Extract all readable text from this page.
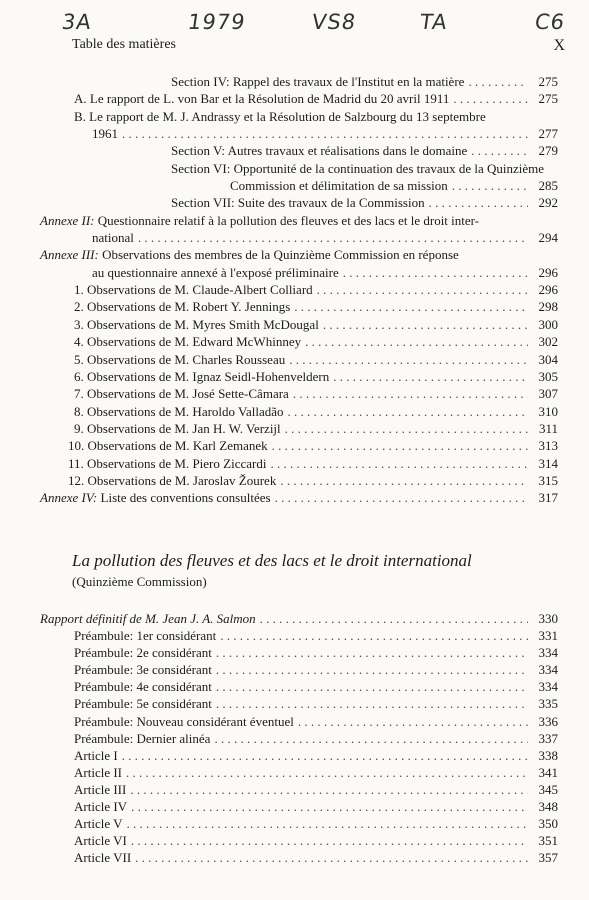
3A	1979	VS8	TA	C6
Table des matières	X
Section IV: Rappel des travaux de l'Institut en la matière . . .	275
A. Le rapport de L. von Bar et la Résolution de Madrid du 20 avril 1911 . . .	275
B. Le rapport de M. J. Andrassy et la Résolution de Salzbourg du 13 septembre
1961 . . .	277
Section V: Autres travaux et réalisations dans le domaine . . .	279
Section VI: Opportunité de la continuation des travaux de la Quinzième
Commission et délimitation de sa mission . . .	285
Section VII: Suite des travaux de la Commission . . .	292
Annexe II: Questionnaire relatif à la pollution des fleuves et des lacs et le droit inter-
national . . .	294
Annexe III: Observations des membres de la Quinzième Commission en réponse
au questionnaire annexé à l'exposé préliminaire . . .	296
1. Observations de M. Claude-Albert Colliard . . .	296
2. Observations de M. Robert Y. Jennings . . .	298
3. Observations de M. Myres Smith McDougal . . .	300
4. Observations de M. Edward McWhinney . . .	302
5. Observations de M. Charles Rousseau . . .	304
6. Observations de M. Ignaz Seidl-Hohenveldern . . .	305
7. Observations de M. José Sette-Câmara . . .	307
8. Observations de M. Haroldo Valladão . . .	310
9. Observations de M. Jan H. W. Verzijl . . .	311
10. Observations de M. Karl Zemanek . . .	313
11. Observations de M. Piero Ziccardi . . .	314
12. Observations de M. Jaroslav Žourek . . .	315
Annexe IV: Liste des conventions consultées . . .	317
La pollution des fleuves et des lacs et le droit international
(Quinzième Commission)
Rapport définitif de M. Jean J. A. Salmon . . .	330
Préambule: 1er considérant . . .	331
Préambule: 2e considérant . . .	334
Préambule: 3e considérant . . .	334
Préambule: 4e considérant . . .	334
Préambule: 5e considérant . . .	335
Préambule: Nouveau considérant éventuel . . .	336
Préambule: Dernier alinéa . . .	337
Article I . . .	338
Article II . . .	341
Article III . . .	345
Article IV . . .	348
Article V . . .	350
Article VI . . .	351
Article VII . . .	357
